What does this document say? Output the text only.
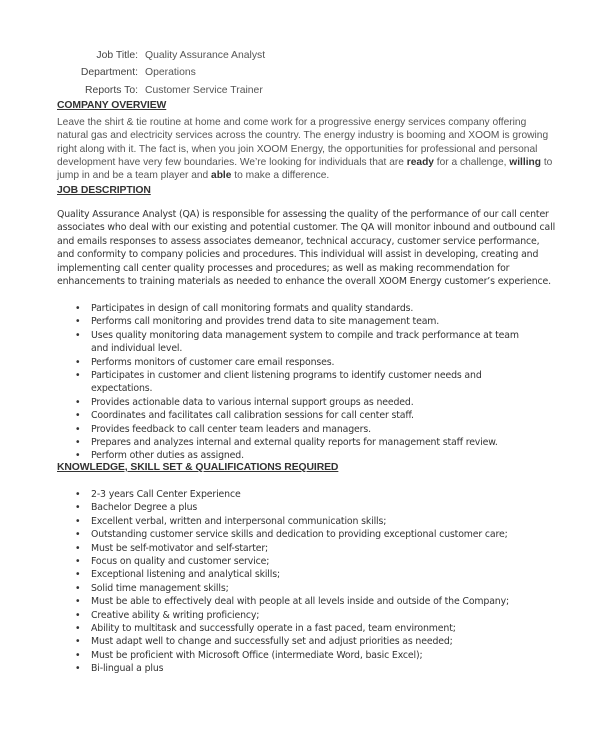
Job Title: Quality Assurance Analyst
Department: Operations
Reports To: Customer Service Trainer
COMPANY OVERVIEW
Leave the shirt & tie routine at home and come work for a progressive energy services company offering natural gas and electricity services across the country. The energy industry is booming and XOOM is growing right along with it. The fact is, when you join XOOM Energy, the opportunities for professional and personal development have very few boundaries. We’re looking for individuals that are ready for a challenge, willing to jump in and be a team player and able to make a difference.
JOB DESCRIPTION
Quality Assurance Analyst (QA) is responsible for assessing the quality of the performance of our call center associates who deal with our existing and potential customer. The QA will monitor inbound and outbound call and emails responses to assess associates demeanor, technical accuracy, customer service performance, and conformity to company policies and procedures. This individual will assist in developing, creating and implementing call center quality processes and procedures; as well as making recommendation for enhancements to training materials as needed to enhance the overall XOOM Energy customer’s experience.
• Participates in design of call monitoring formats and quality standards.
• Performs call monitoring and provides trend data to site management team.
• Uses quality monitoring data management system to compile and track performance at team and individual level.
• Performs monitors of customer care email responses.
• Participates in customer and client listening programs to identify customer needs and expectations.
• Provides actionable data to various internal support groups as needed.
• Coordinates and facilitates call calibration sessions for call center staff.
• Provides feedback to call center team leaders and managers.
• Prepares and analyzes internal and external quality reports for management staff review.
• Perform other duties as assigned.
KNOWLEDGE, SKILL SET & QUALIFICATIONS REQUIRED
• 2-3 years Call Center Experience
• Bachelor Degree a plus
• Excellent verbal, written and interpersonal communication skills;
• Outstanding customer service skills and dedication to providing exceptional customer care;
• Must be self-motivator and self-starter;
• Focus on quality and customer service;
• Exceptional listening and analytical skills;
• Solid time management skills;
• Must be able to effectively deal with people at all levels inside and outside of the Company;
• Creative ability & writing proficiency;
• Ability to multitask and successfully operate in a fast paced, team environment;
• Must adapt well to change and successfully set and adjust priorities as needed;
• Must be proficient with Microsoft Office (intermediate Word, basic Excel);
• Bi-lingual a plus
